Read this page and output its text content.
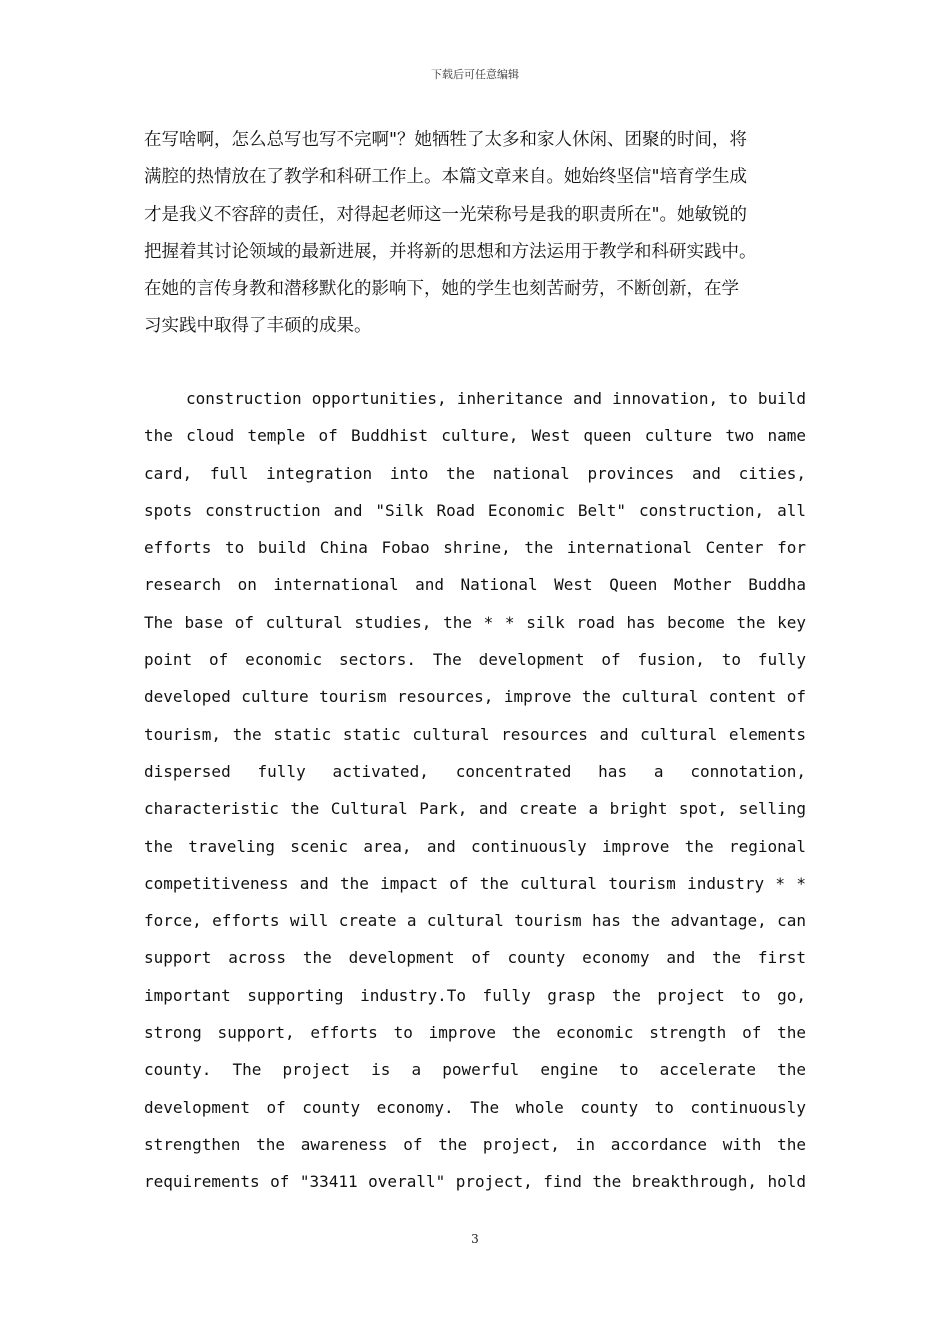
下载后可任意编辑
在写啥啊，怎么总写也写不完啊"？她牺牲了太多和家人休闲、团聚的时间，将
满腔的热情放在了教学和科研工作上。本篇文章来自。她始终坚信"培育学生成
才是我义不容辞的责任，对得起老师这一光荣称号是我的职责所在"。她敏锐的
把握着其讨论领域的最新进展，并将新的思想和方法运用于教学和科研实践中。
在她的言传身教和潜移默化的影响下，她的学生也刻苦耐劳，不断创新，在学
习实践中取得了丰硕的成果。
construction opportunities, inheritance and innovation, to build
the cloud temple of Buddhist culture, West queen culture two name
card, full integration into the national provinces and cities,
spots construction and "Silk Road Economic Belt" construction, all
efforts to build China Fobao shrine, the international Center for
research on international and National West Queen Mother Buddha
The base of cultural studies, the * * silk road has become the key
point of economic sectors. The development of fusion, to fully
developed culture tourism resources, improve the cultural content of
tourism, the static static cultural resources and cultural elements
dispersed fully activated, concentrated has a connotation,
characteristic the Cultural Park, and create a bright spot, selling
the traveling scenic area, and continuously improve the regional
competitiveness and the impact of the cultural tourism industry * *
force, efforts will create a cultural tourism has the advantage, can
support across the development of county economy and the first
important supporting industry.To fully grasp the project to go,
strong support, efforts to improve the economic strength of the
county. The project is a powerful engine to accelerate the
development of county economy. The whole county to continuously
strengthen the awareness of the project, in accordance with the
requirements of "33411 overall" project, find the breakthrough, hold
3
